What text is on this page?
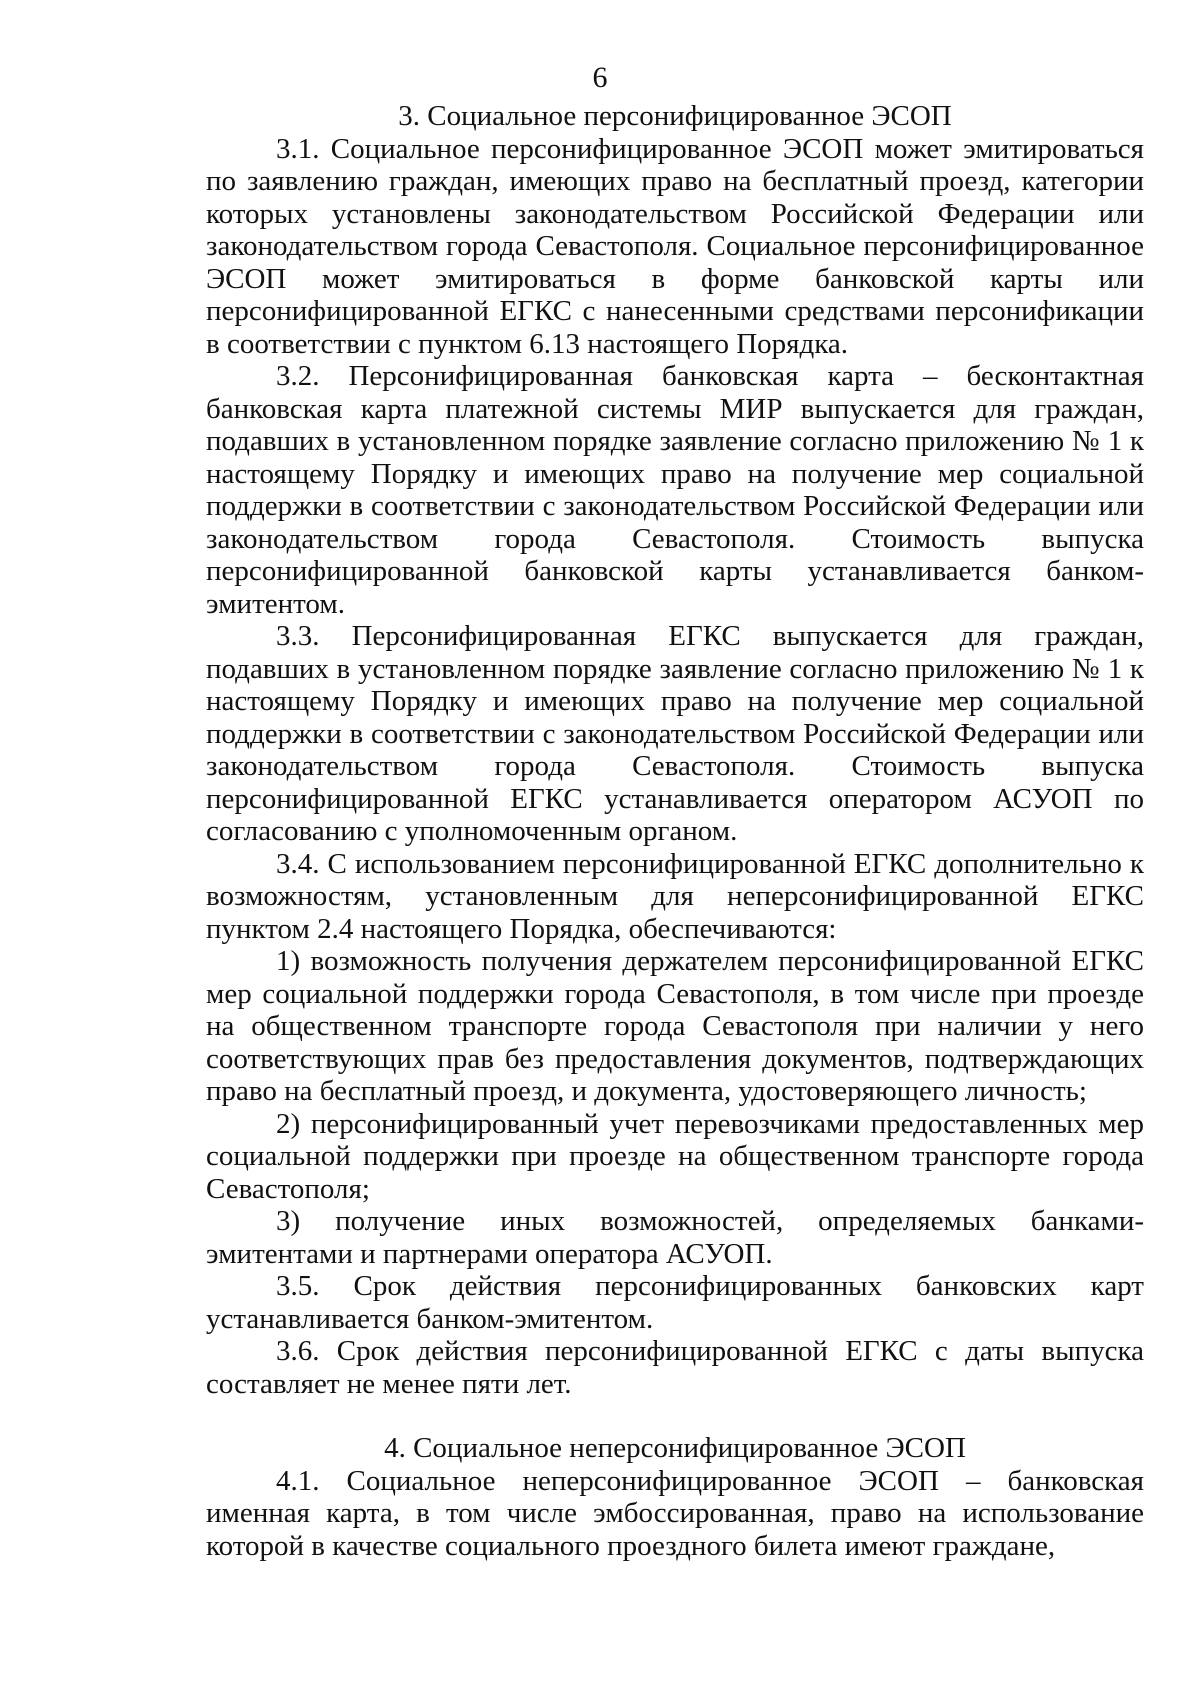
6
3. Социальное персонифицированное ЭСОП

3.1. Социальное персонифицированное ЭСОП может эмитироваться по заявлению граждан, имеющих право на бесплатный проезд, категории которых установлены законодательством Российской Федерации или законодательством города Севастополя. Социальное персонифицированное ЭСОП может эмитироваться в форме банковской карты или персонифицированной ЕГКС с нанесенными средствами персонификации в соответствии с пунктом 6.13 настоящего Порядка.

3.2. Персонифицированная банковская карта – бесконтактная банковская карта платежной системы МИР выпускается для граждан, подавших в установленном порядке заявление согласно приложению № 1 к настоящему Порядку и имеющих право на получение мер социальной поддержки в соответствии с законодательством Российской Федерации или законодательством города Севастополя. Стоимость выпуска персонифицированной банковской карты устанавливается банком-эмитентом.

3.3. Персонифицированная ЕГКС выпускается для граждан, подавших в установленном порядке заявление согласно приложению № 1 к настоящему Порядку и имеющих право на получение мер социальной поддержки в соответствии с законодательством Российской Федерации или законодательством города Севастополя. Стоимость выпуска персонифицированной ЕГКС устанавливается оператором АСУОП по согласованию с уполномоченным органом.

3.4. С использованием персонифицированной ЕГКС дополнительно к возможностям, установленным для неперсонифицированной ЕГКС пунктом 2.4 настоящего Порядка, обеспечиваются:

1) возможность получения держателем персонифицированной ЕГКС мер социальной поддержки города Севастополя, в том числе при проезде на общественном транспорте города Севастополя при наличии у него соответствующих прав без предоставления документов, подтверждающих право на бесплатный проезд, и документа, удостоверяющего личность;

2) персонифицированный учет перевозчиками предоставленных мер социальной поддержки при проезде на общественном транспорте города Севастополя;

3) получение иных возможностей, определяемых банками-эмитентами и партнерами оператора АСУОП.

3.5. Срок действия персонифицированных банковских карт устанавливается банком-эмитентом.

3.6. Срок действия персонифицированной ЕГКС с даты выпуска составляет не менее пяти лет.

4. Социальное неперсонифицированное ЭСОП

4.1. Социальное неперсонифицированное ЭСОП – банковская именная карта, в том числе эмбоссированная, право на использование которой в качестве социального проездного билета имеют граждане,
